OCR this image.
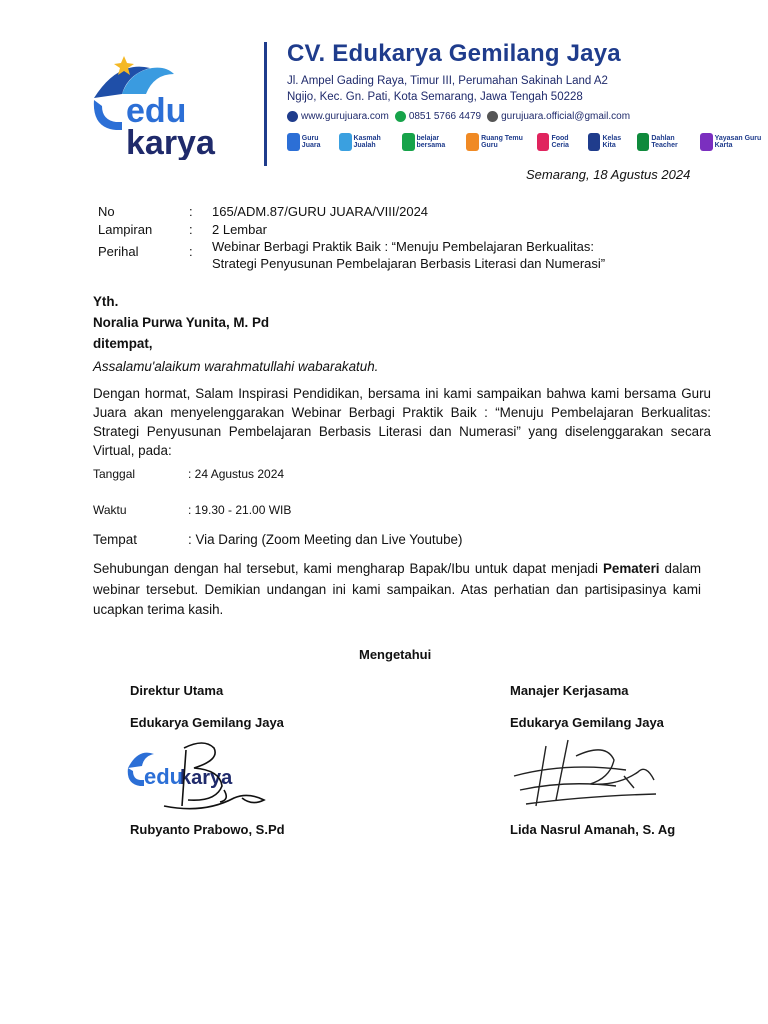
edu
karya
CV. Edukarya Gemilang Jaya
Jl. Ampel Gading Raya, Timur III, Perumahan Sakinah Land A2
Ngijo, Kec. Gn. Pati, Kota Semarang, Jawa Tengah 50228
www.gurujuara.com	0851 5766 4479	gurujuara.official@gmail.com
Guru Juara
Kasmah Jualah
belajar bersama
Ruang Temu Guru
Food Ceria
Kelas Kita
Dahlan Teacher
Yayasan Guru Karta
Semarang, 18 Agustus 2024
No	: 165/ADM.87/GURU JUARA/VIII/2024
Lampiran	: 2 Lembar
Perihal	: Webinar Berbagi Praktik Baik : “Menuju Pembelajaran Berkualitas:
Strategi Penyusunan Pembelajaran Berbasis Literasi dan Numerasi”
Yth.
Noralia Purwa Yunita, M. Pd
ditempat,
Assalamu'alaikum warahmatullahi wabarakatuh.
Dengan hormat, Salam Inspirasi Pendidikan, bersama ini kami sampaikan bahwa kami bersama Guru Juara akan menyelenggarakan Webinar Berbagi Praktik Baik : “Menuju Pembelajaran Berkualitas: Strategi Penyusunan Pembelajaran Berbasis Literasi dan Numerasi” yang diselenggarakan secara Virtual, pada:
Tanggal	: 24 Agustus 2024
Waktu	: 19.30 - 21.00 WIB
Tempat	: Via Daring (Zoom Meeting dan Live Youtube)
Sehubungan dengan hal tersebut, kami mengharap Bapak/Ibu untuk dapat menjadi Pemateri dalam webinar tersebut. Demikian undangan ini kami sampaikan. Atas perhatian dan partisipasinya kami ucapkan terima kasih.
Mengetahui
Direktur Utama
Edukarya Gemilang Jaya
Manajer Kerjasama
Edukarya Gemilang Jaya
edu
karya
Rubyanto Prabowo, S.Pd	Lida Nasrul Amanah, S. Ag
